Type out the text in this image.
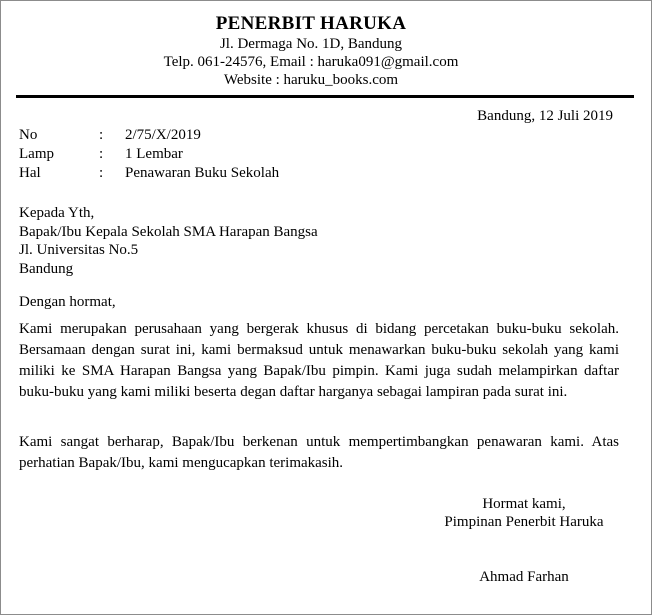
PENERBIT HARUKA
Jl. Dermaga No. 1D, Bandung
Telp. 061-24576, Email : haruka091@gmail.com
Website : haruku_books.com
Bandung, 12 Juli 2019
No	:	2/75/X/2019
Lamp	:	1 Lembar
Hal	:	Penawaran Buku Sekolah
Kepada Yth,
Bapak/Ibu Kepala Sekolah SMA Harapan Bangsa
Jl. Universitas No.5
Bandung
Dengan hormat,
Kami merupakan perusahaan yang bergerak khusus di bidang percetakan buku-buku sekolah. Bersamaan dengan surat ini, kami bermaksud untuk menawarkan buku-buku sekolah yang kami miliki ke SMA Harapan Bangsa yang Bapak/Ibu pimpin. Kami juga sudah melampirkan daftar buku-buku yang kami miliki beserta degan daftar harganya sebagai lampiran pada surat ini.
Kami sangat berharap, Bapak/Ibu berkenan untuk mempertimbangkan penawaran kami. Atas perhatian Bapak/Ibu, kami mengucapkan terimakasih.
Hormat kami,
Pimpinan Penerbit Haruka
Ahmad Farhan
